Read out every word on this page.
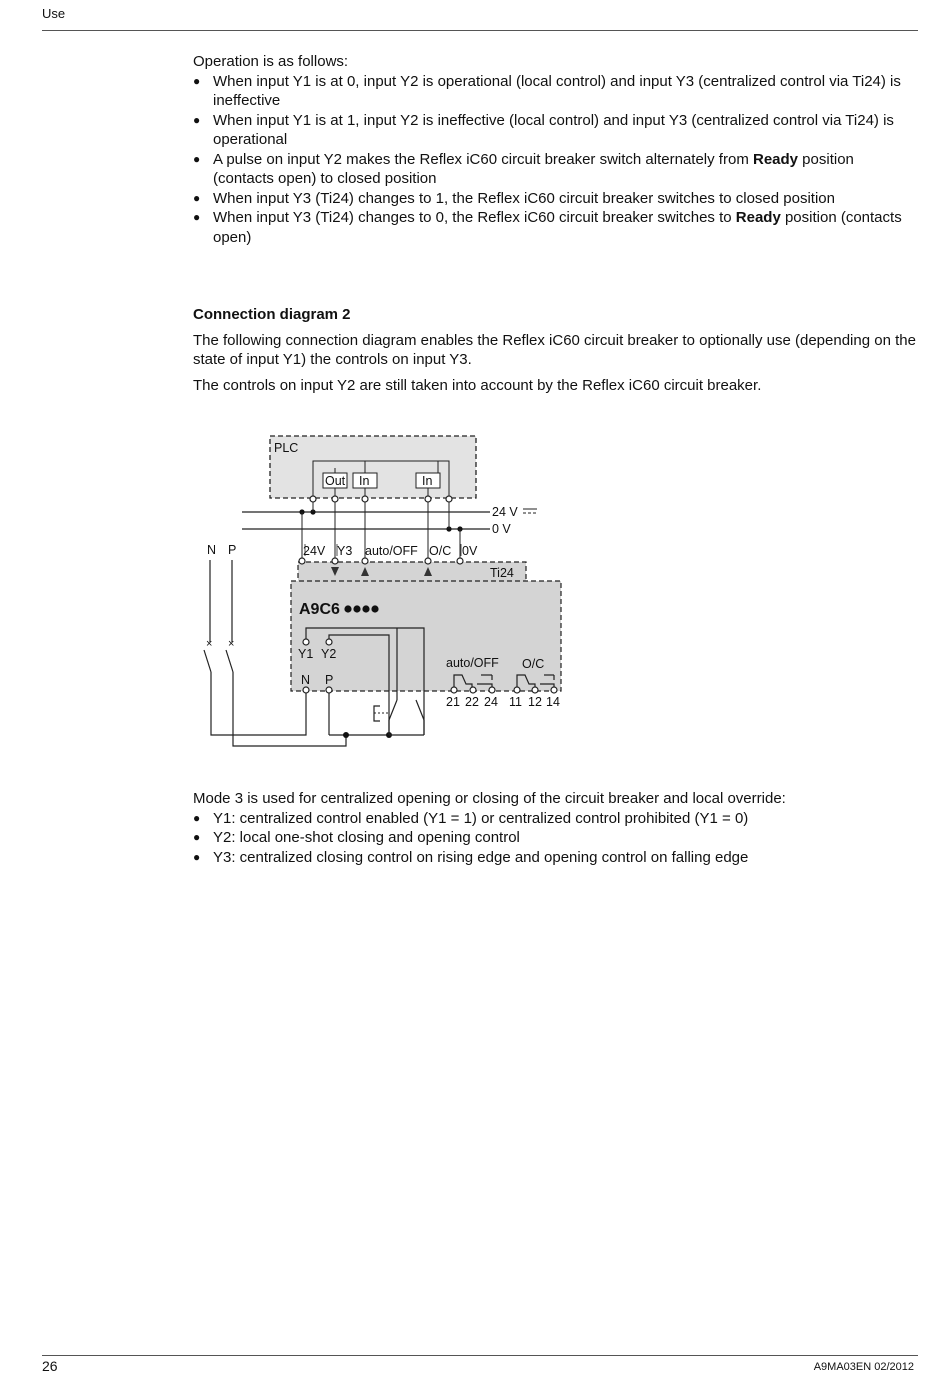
Use

Operation is as follows:

● When input Y1 is at 0, input Y2 is operational (local control) and input Y3 (centralized control via Ti24) is ineffective
● When input Y1 is at 1, input Y2 is ineffective (local control) and input Y3 (centralized control via Ti24) is operational
● A pulse on input Y2 makes the Reflex iC60 circuit breaker switch alternately from Ready position (contacts open) to closed position
● When input Y3 (Ti24) changes to 1, the Reflex iC60 circuit breaker switches to closed position
● When input Y3 (Ti24) changes to 0, the Reflex iC60 circuit breaker switches to Ready position (contacts open)

Connection diagram 2

The following connection diagram enables the Reflex iC60 circuit breaker to optionally use (depending on the state of input Y1) the controls on input Y3.

The controls on input Y2 are still taken into account by the Reflex iC60 circuit breaker.

PLC
Out In	In
24 V
0 V
N P	24V Y3 auto/OFF O/C 0V
Ti24
A9C6
Y1 Y2
N P
auto/OFF O/C
21 22 24 11 12 14
× ×

Mode 3 is used for centralized opening or closing of the circuit breaker and local override:

● Y1: centralized control enabled (Y1 = 1) or centralized control prohibited (Y1 = 0)
● Y2: local one-shot closing and opening control
● Y3: centralized closing control on rising edge and opening control on falling edge
26	A9MA03EN 02/2012
